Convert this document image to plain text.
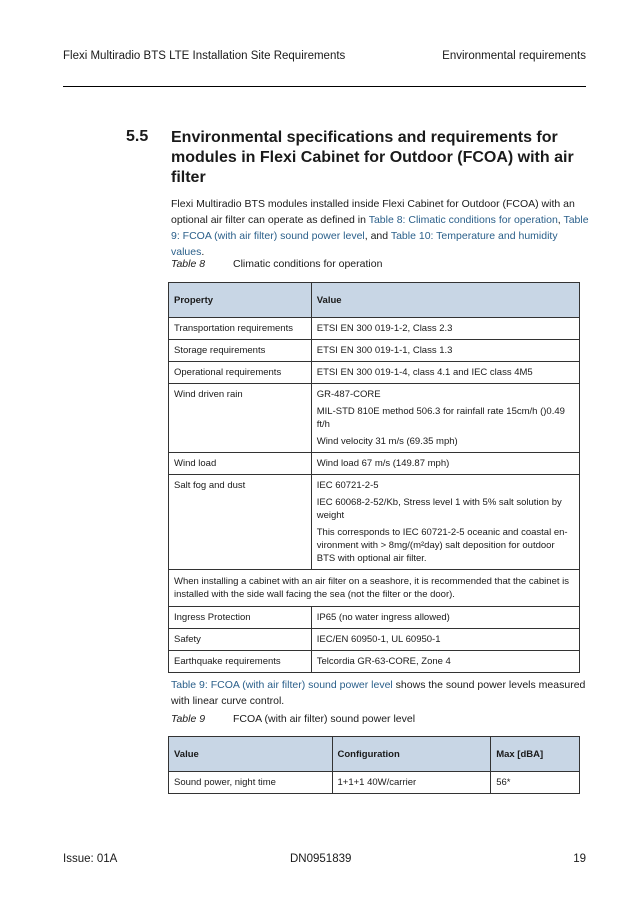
Flexi Multiradio BTS LTE Installation Site Requirements	Environmental requirements
5.5 Environmental specifications and requirements for modules in Flexi Cabinet for Outdoor (FCOA) with air filter
Flexi Multiradio BTS modules installed inside Flexi Cabinet for Outdoor (FCOA) with an optional air filter can operate as defined in Table 8: Climatic conditions for operation, Table 9: FCOA (with air filter) sound power level, and Table 10: Temperature and humidity values.
Table 8	Climatic conditions for operation
Property	Value
Transportation requirements	ETSI EN 300 019-1-2, Class 2.3

Storage requirements	ETSI EN 300 019-1-1, Class 1.3

Operational requirements	ETSI EN 300 019-1-4, class 4.1 and IEC class 4M5

Wind driven rain	GR-487-CORE
MIL-STD 810E method 506.3 for rainfall rate 15cm/h ()0.49 ft/h
Wind velocity 31 m/s (69.35 mph)

Wind load	Wind load 67 m/s (149.87 mph)

Salt fog and dust	IEC 60721-2-5
IEC 60068-2-52/Kb, Stress level 1 with 5% salt solution by weight
This corresponds to IEC 60721-2-5 oceanic and coastal en-vironment with > 8mg/(m²day) salt deposition for outdoor BTS with optional air filter.

When installing a cabinet with an air filter on a seashore, it is recommended that the cabinet is installed with the side wall facing the sea (not the filter or the door).	
Ingress Protection	IP65 (no water ingress allowed)

Safety	IEC/EN 60950-1, UL 60950-1

Earthquake requirements	Telcordia GR-63-CORE, Zone 4
Table 9: FCOA (with air filter) sound power level shows the sound power levels measured with linear curve control.
Table 9	FCOA (with air filter) sound power level
Value	Configuration	Max [dBA]
Sound power, night time	1+1+1 40W/carrier	56*
Issue: 01A	DN0951839	19
